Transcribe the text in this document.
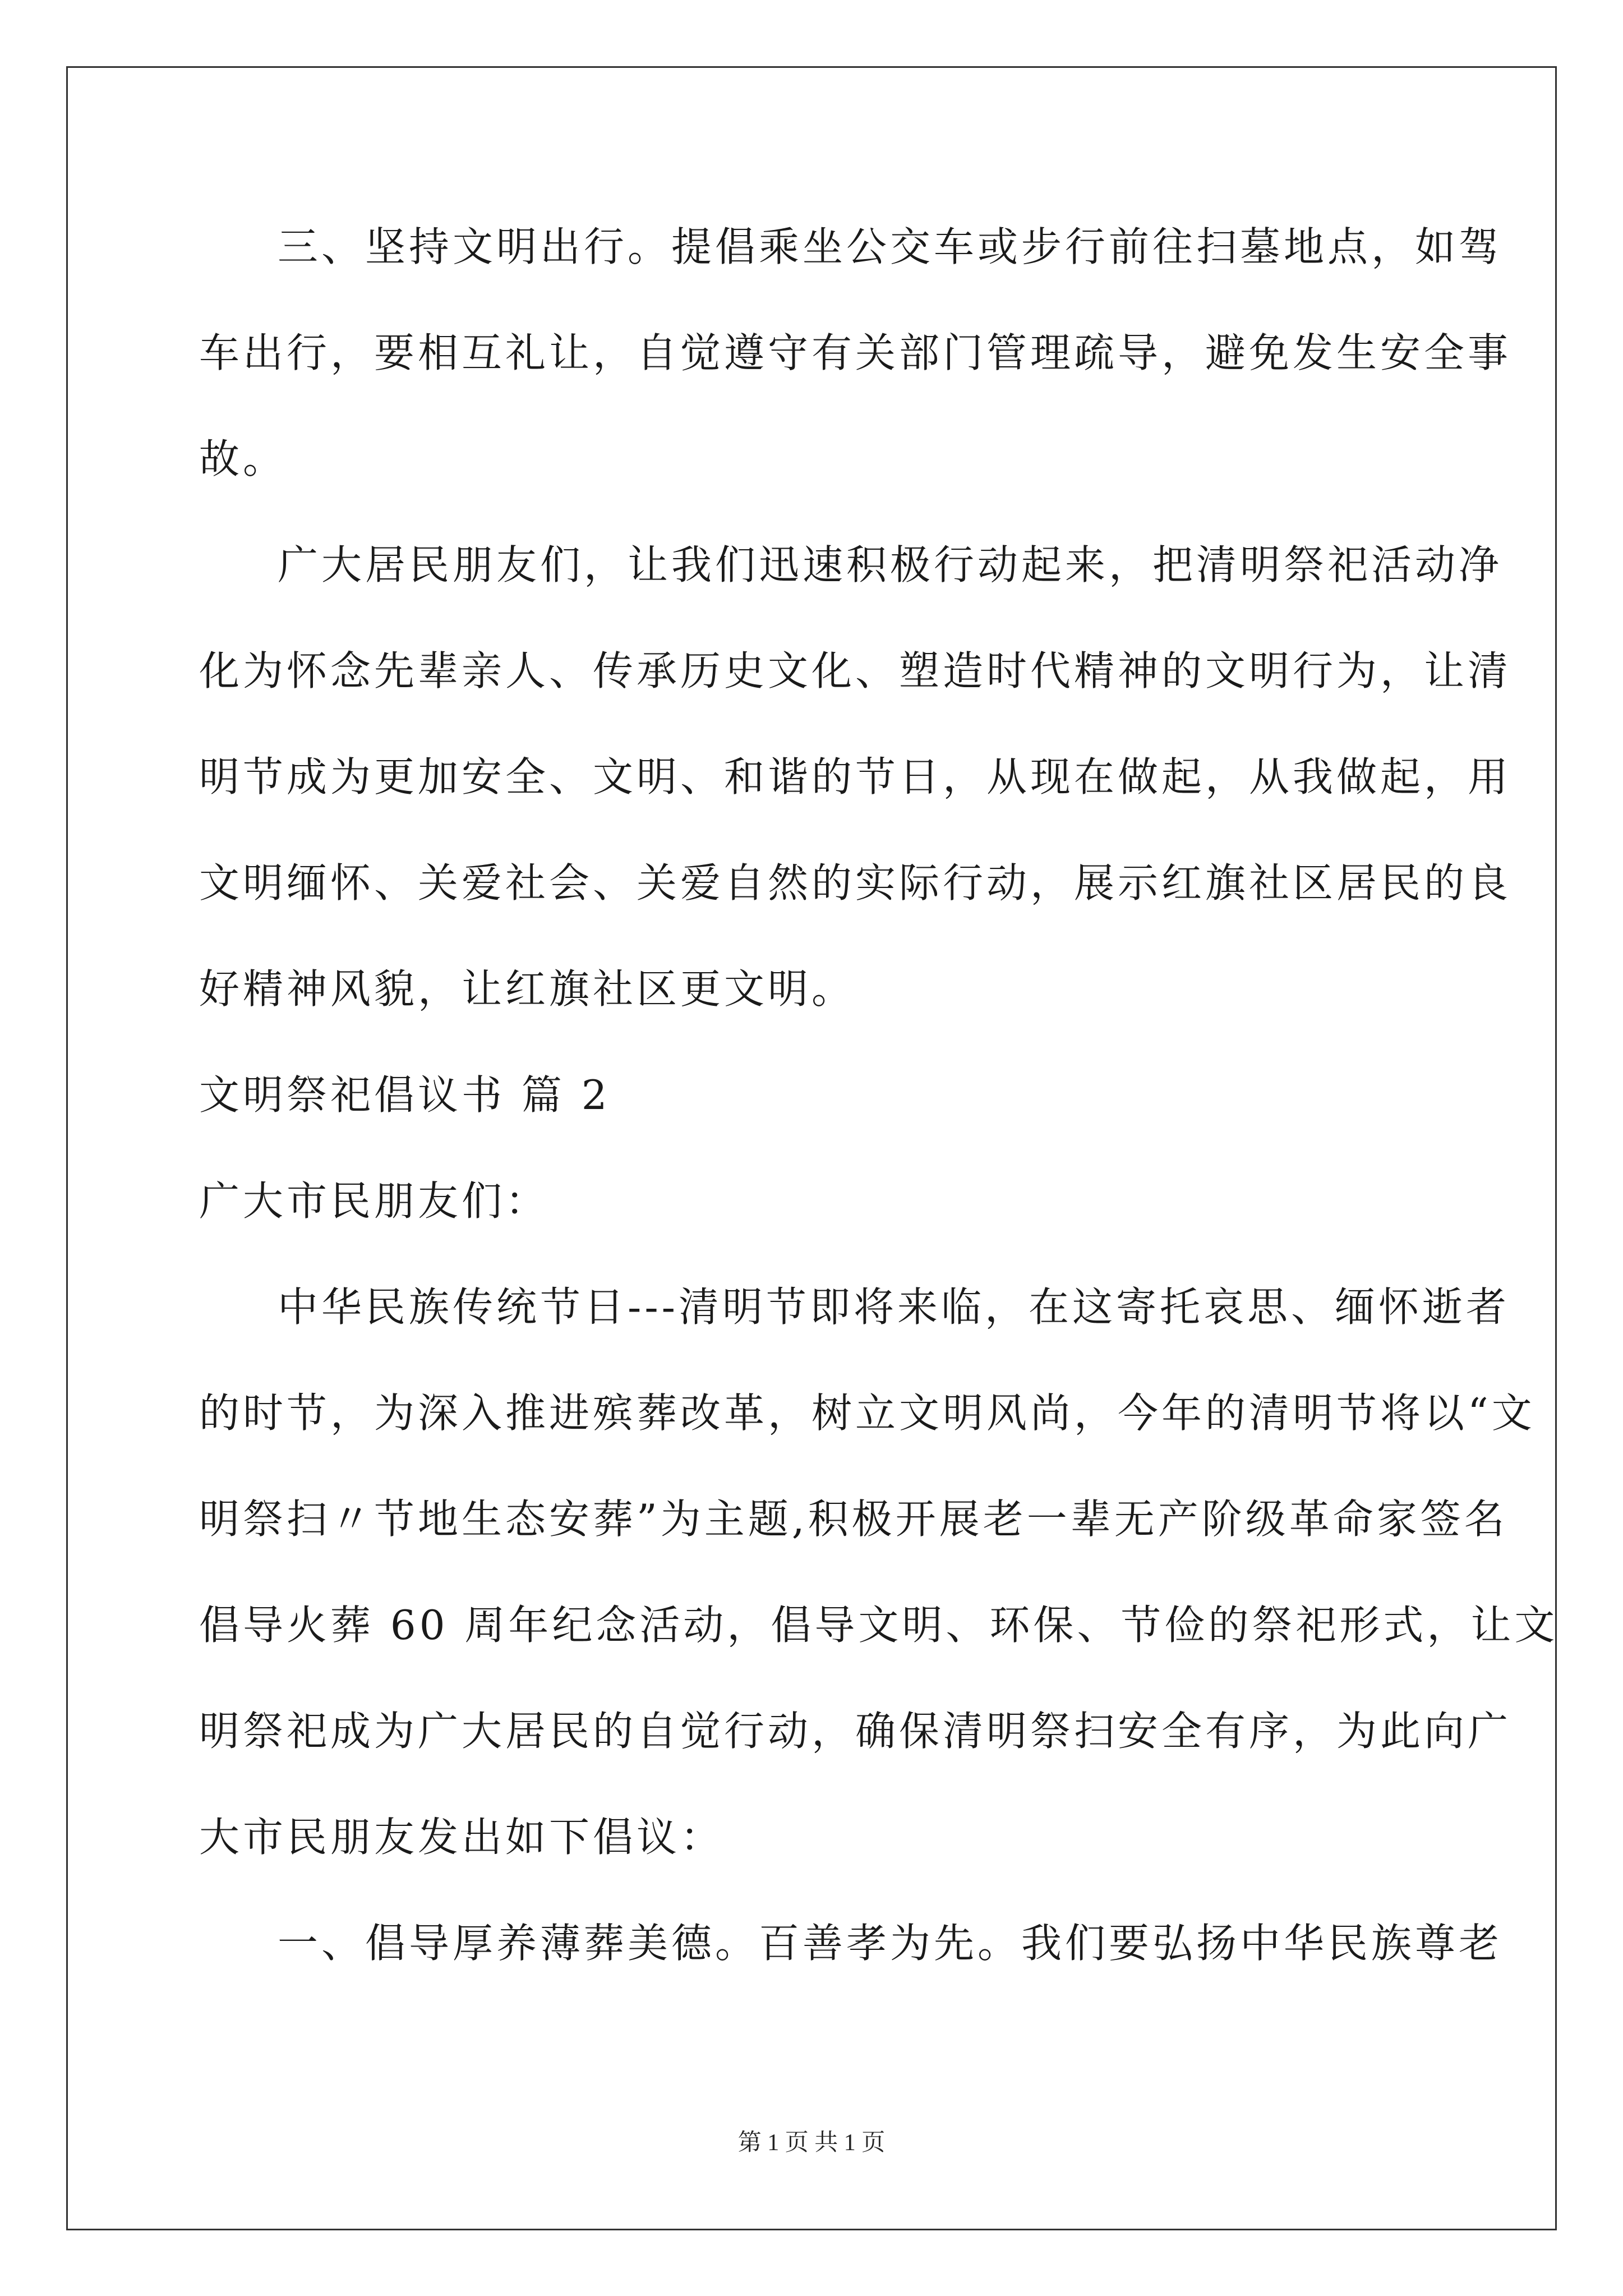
三、坚持文明出行。提倡乘坐公交车或步行前往扫墓地点，如驾
车出行，要相互礼让，自觉遵守有关部门管理疏导，避免发生安全事
故。
广大居民朋友们，让我们迅速积极行动起来，把清明祭祀活动净
化为怀念先辈亲人、传承历史文化、塑造时代精神的文明行为，让清
明节成为更加安全、文明、和谐的节日，从现在做起，从我做起，用
文明缅怀、关爱社会、关爱自然的实际行动，展示红旗社区居民的良
好精神风貌，让红旗社区更文明。
文明祭祀倡议书 篇 2
广大市民朋友们：
中华民族传统节日---清明节即将来临，在这寄托哀思、缅怀逝者
的时节，为深入推进殡葬改革，树立文明风尚，今年的清明节将以“文
明祭扫〃节地生态安葬”为主题,积极开展老一辈无产阶级革命家签名
倡导火葬 60 周年纪念活动，倡导文明、环保、节俭的祭祀形式，让文
明祭祀成为广大居民的自觉行动，确保清明祭扫安全有序，为此向广
大市民朋友发出如下倡议：
一、倡导厚养薄葬美德。百善孝为先。我们要弘扬中华民族尊老
第 1 页 共 1 页
